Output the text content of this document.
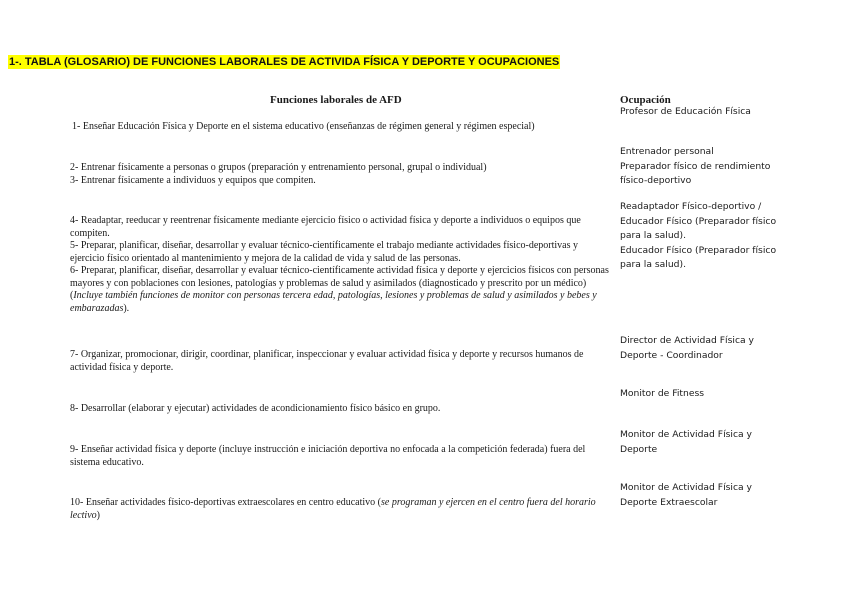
1-. TABLA (GLOSARIO) DE FUNCIONES LABORALES DE ACTIVIDA FÍSICA Y DEPORTE Y OCUPACIONES
Funciones laborales de AFD	Ocupación

1- Enseñar Educación Física y Deporte en el sistema educativo (enseñanzas de régimen general y régimen especial)

Profesor de Educación Física

2- Entrenar físicamente a personas o grupos (preparación y entrenamiento personal, grupal o individual)

3- Entrenar físicamente a individuos y equipos que compiten.

Entrenador personal

Preparador físico de rendimiento físico-deportivo

4- Readaptar, reeducar y reentrenar físicamente mediante ejercicio físico o actividad física y deporte a individuos o equipos que compiten.

5- Preparar, planificar, diseñar, desarrollar y evaluar técnico-científicamente el trabajo mediante actividades físico-deportivas y ejercicio físico orientado al mantenimiento y mejora de la calidad de vida y salud de las personas.

6- Preparar, planificar, diseñar, desarrollar y evaluar técnico-científicamente actividad física y deporte y ejercicios físicos con personas mayores y con poblaciones con lesiones, patologías y problemas de salud y asimilados (diagnosticado y prescrito por un médico) (Incluye también funciones de monitor con personas tercera edad, patologías, lesiones y problemas de salud y asimilados y bebes y embarazadas).

Readaptador Físico-deportivo / Educador Físico (Preparador físico para la salud).

Educador Físico (Preparador físico para la salud).

7- Organizar, promocionar, dirigir, coordinar, planificar, inspeccionar y evaluar actividad física y deporte y recursos humanos de actividad física y deporte.

Director de Actividad Física y Deporte - Coordinador

8- Desarrollar (elaborar y ejecutar) actividades de acondicionamiento físico básico en grupo.

Monitor de Fitness

9- Enseñar actividad física y deporte (incluye instrucción e iniciación deportiva no enfocada a la competición federada) fuera del sistema educativo.

Monitor de Actividad Física y Deporte

10- Enseñar actividades físico-deportivas extraescolares en centro educativo (se programan y ejercen en el centro fuera del horario lectivo)

Monitor de Actividad Física y Deporte Extraescolar
